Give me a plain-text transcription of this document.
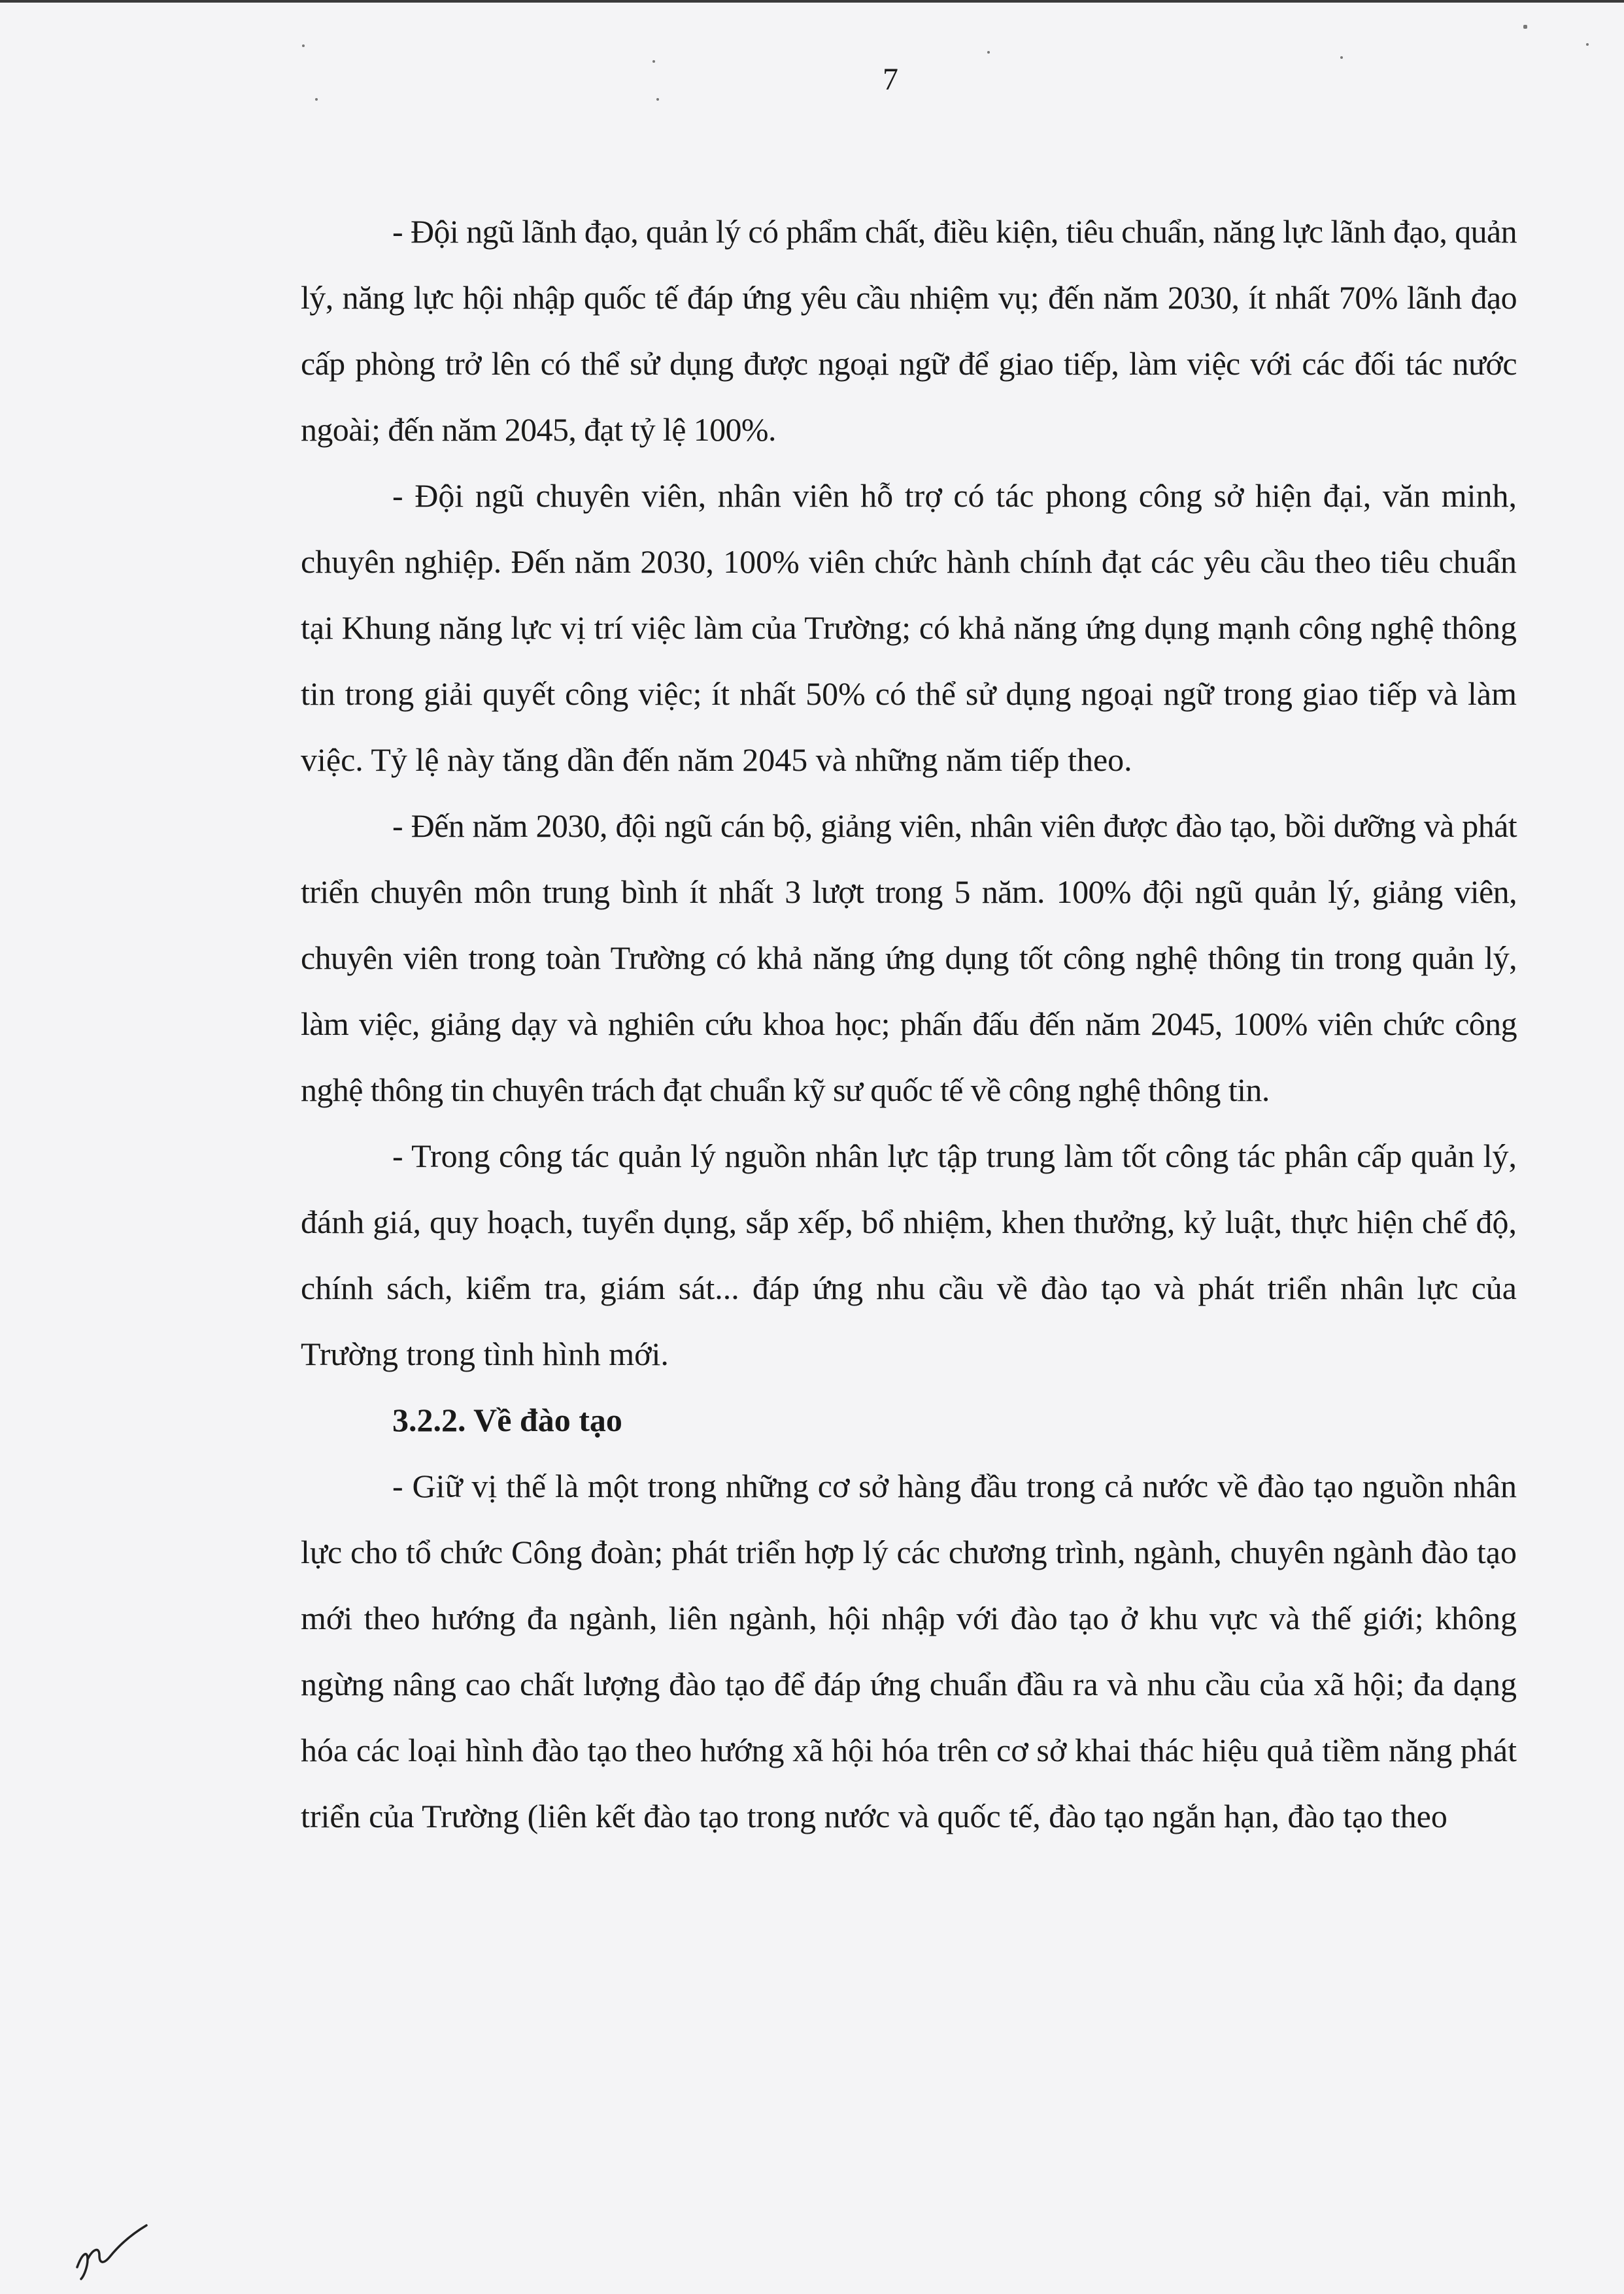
7

- Đội ngũ lãnh đạo, quản lý có phẩm chất, điều kiện, tiêu chuẩn, năng lực lãnh đạo, quản lý, năng lực hội nhập quốc tế đáp ứng yêu cầu nhiệm vụ; đến năm 2030, ít nhất 70% lãnh đạo cấp phòng trở lên có thể sử dụng được ngoại ngữ để giao tiếp, làm việc với các đối tác nước ngoài; đến năm 2045, đạt tỷ lệ 100%.

- Đội ngũ chuyên viên, nhân viên hỗ trợ có tác phong công sở hiện đại, văn minh, chuyên nghiệp. Đến năm 2030, 100% viên chức hành chính đạt các yêu cầu theo tiêu chuẩn tại Khung năng lực vị trí việc làm của Trường; có khả năng ứng dụng mạnh công nghệ thông tin trong giải quyết công việc; ít nhất 50% có thể sử dụng ngoại ngữ trong giao tiếp và làm việc. Tỷ lệ này tăng dần đến năm 2045 và những năm tiếp theo.

- Đến năm 2030, đội ngũ cán bộ, giảng viên, nhân viên được đào tạo, bồi dưỡng và phát triển chuyên môn trung bình ít nhất 3 lượt trong 5 năm. 100% đội ngũ quản lý, giảng viên, chuyên viên trong toàn Trường có khả năng ứng dụng tốt công nghệ thông tin trong quản lý, làm việc, giảng dạy và nghiên cứu khoa học; phấn đấu đến năm 2045, 100% viên chức công nghệ thông tin chuyên trách đạt chuẩn kỹ sư quốc tế về công nghệ thông tin.

- Trong công tác quản lý nguồn nhân lực tập trung làm tốt công tác phân cấp quản lý, đánh giá, quy hoạch, tuyển dụng, sắp xếp, bổ nhiệm, khen thưởng, kỷ luật, thực hiện chế độ, chính sách, kiểm tra, giám sát... đáp ứng nhu cầu về đào tạo và phát triển nhân lực của Trường trong tình hình mới.

3.2.2. Về đào tạo

- Giữ vị thế là một trong những cơ sở hàng đầu trong cả nước về đào tạo nguồn nhân lực cho tổ chức Công đoàn; phát triển hợp lý các chương trình, ngành, chuyên ngành đào tạo mới theo hướng đa ngành, liên ngành, hội nhập với đào tạo ở khu vực và thế giới; không ngừng nâng cao chất lượng đào tạo để đáp ứng chuẩn đầu ra và nhu cầu của xã hội; đa dạng hóa các loại hình đào tạo theo hướng xã hội hóa trên cơ sở khai thác hiệu quả tiềm năng phát triển của Trường (liên kết đào tạo trong nước và quốc tế, đào tạo ngắn hạn, đào tạo theo
